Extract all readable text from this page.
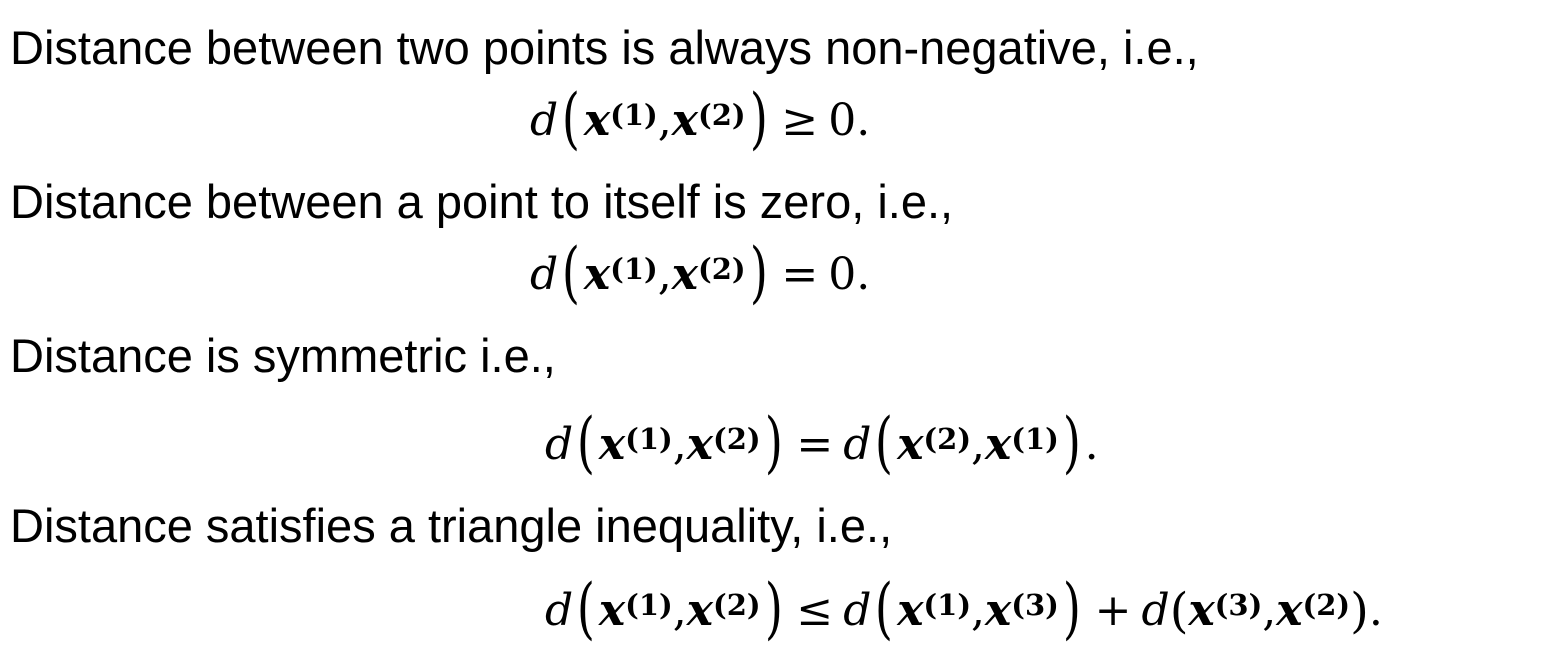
Distance between two points is always non-negative, i.e.,
d ( x (1) , x (2) ) ≥ 0 .
Distance between a point to itself is zero, i.e.,
d ( x (1) , x (2) ) = 0 .
Distance is symmetric i.e.,
d ( x (1) , x (2) ) = d ( x (2) , x (1) ) .
Distance satisfies a triangle inequality, i.e.,
d ( x (1) , x (2) ) ≤ d ( x (1) , x (3) ) + d ( x (3) , x (2) ) .
